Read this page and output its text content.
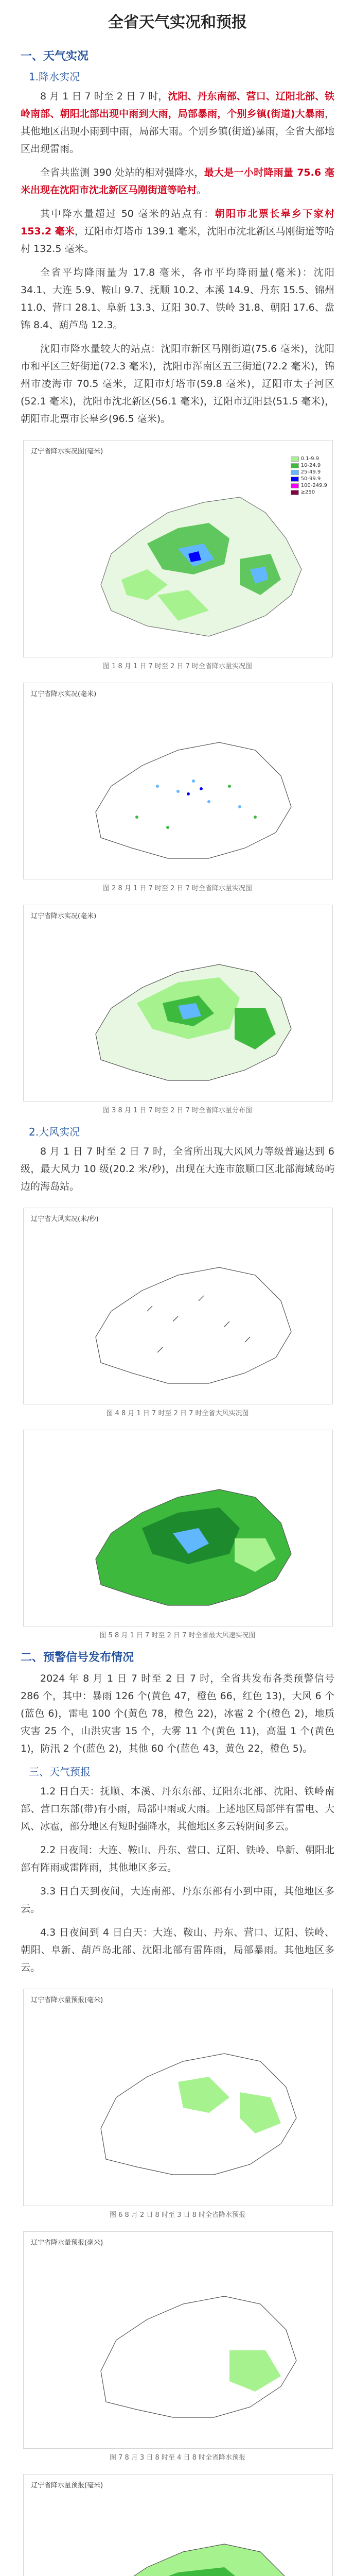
全省天气实况和预报
一、天气实况
1.降水实况

8 月 1 日 7 时至 2 日 7 时，沈阳、丹东南部、营口、辽阳北部、铁岭南部、朝阳北部出现中雨到大雨，局部暴雨，个别乡镇(街道)大暴雨，其他地区出现小雨到中雨，局部大雨。个别乡镇(街道)暴雨，全省大部地区出现雷雨。

全省共监测 390 处站的相对强降水，最大是一小时降雨量 75.6 毫米出现在沈阳市沈北新区马刚街道等哈村。

其中降水量超过 50 毫米的站点有：朝阳市北票长皋乡下家村 153.2 毫米，辽阳市灯塔市 139.1 毫米，沈阳市沈北新区马刚街道等哈村 132.5 毫米。

全省平均降雨量为 17.8 毫米，各市平均降雨量(毫米)：沈阳 34.1、大连 5.9、鞍山 9.7、抚顺 10.2、本溪 14.9、丹东 15.5、锦州 11.0、营口 28.1、阜新 13.3、辽阳 30.7、铁岭 31.8、朝阳 17.6、盘锦 8.4、葫芦岛 12.3。

沈阳市降水量较大的站点：沈阳市新区马刚街道(75.6 毫米)，沈阳市和平区三好街道(72.3 毫米)，沈阳市浑南区五三街道(72.2 毫米)，锦州市凌海市 70.5 毫米，辽阳市灯塔市(59.8 毫米)，辽阳市太子河区(52.1 毫米)，沈阳市沈北新区(56.1 毫米)，辽阳市辽阳县(51.5 毫米)，朝阳市北票市长皋乡(96.5 毫米)。

辽宁省降水实况图(毫米)
0.1-9.9
10-24.9
25-49.9
50-99.9
100-249.9
≥250
图 1 8 月 1 日 7 时至 2 日 7 时全省降水量实况图
辽宁省降水实况(毫米)
图 2 8 月 1 日 7 时至 2 日 7 时全省降水量实况图
辽宁省降水实况(毫米)
图 3 8 月 1 日 7 时至 2 日 7 时全省降水量分布图
2.大风实况

8 月 1 日 7 时至 2 日 7 时，全省所出现大风风力等级普遍达到 6 级，最大风力 10 级(20.2 米/秒)，出现在大连市旅顺口区北部海域岛屿边的海岛站。

辽宁省大风实况(米/秒)
图 4 8 月 1 日 7 时至 2 日 7 时全省大风实况图
图 5 8 月 1 日 7 时至 2 日 7 时全省最大风速实况图
二、预警信号发布情况

2024 年 8 月 1 日 7 时至 2 日 7 时，全省共发布各类预警信号 286 个，其中：暴雨 126 个(黄色 47，橙色 66，红色 13)，大风 6 个(蓝色 6)，雷电 100 个(黄色 78，橙色 22)，冰雹 2 个(橙色 2)，地质灾害 25 个，山洪灾害 15 个，大雾 11 个(黄色 11)，高温 1 个(黄色 1)，防汛 2 个(蓝色 2)，其他 60 个(蓝色 43，黄色 22，橙色 5)。

三、天气预报

1.2 日白天：抚顺、本溪、丹东东部、辽阳东北部、沈阳、铁岭南部、营口东部(带)有小雨，局部中雨或大雨。上述地区局部伴有雷电、大风、冰雹，部分地区有短时强降水，其他地区多云转阴间多云。

2.2 日夜间：大连、鞍山、丹东、营口、辽阳、铁岭、阜新、朝阳北部有阵雨或雷阵雨，其他地区多云。

3.3 日白天到夜间，大连南部、丹东东部有小到中雨，其他地区多云。

4.3 日夜间到 4 日白天：大连、鞍山、丹东、营口、辽阳、铁岭、朝阳、阜新、葫芦岛北部、沈阳北部有雷阵雨，局部暴雨。其他地区多云。

辽宁省降水量预报(毫米)
图 6 8 月 2 日 8 时至 3 日 8 时全省降水预报
辽宁省降水量预报(毫米)
图 7 8 月 3 日 8 时至 4 日 8 时全省降水预报
辽宁省降水量预报(毫米)
